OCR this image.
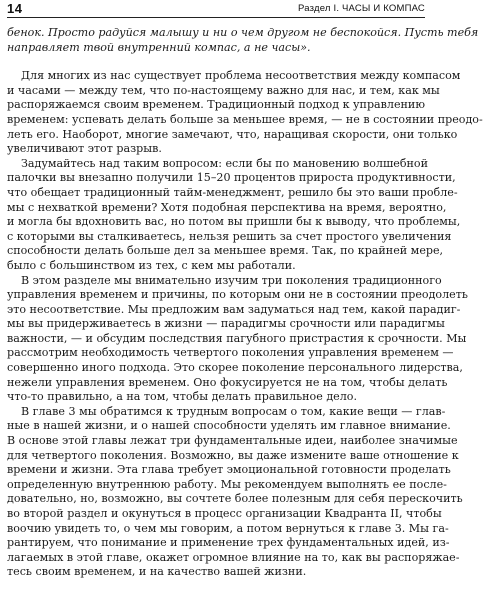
14	Раздел I. ЧАСЫ И КОМПАС
бенок. Просто радуйся малышу и ни о чем другом не беспокойся. Пусть тебя
направляет твой внутренний компас, а не часы».
Для многих из нас существует проблема несоответствия между компасом
и часами — между тем, что по-настоящему важно для нас, и тем, как мы
распоряжаемся своим временем. Традиционный подход к управлению
временем: успевать делать больше за меньшее время, — не в состоянии преодо-
леть его. Наоборот, многие замечают, что, наращивая скорости, они только
увеличивают этот разрыв.
Задумайтесь над таким вопросом: если бы по мановению волшебной
палочки вы внезапно получили 15–20 процентов прироста продуктивности,
что обещает традиционный тайм-менеджмент, решило бы это ваши пробле-
мы с нехваткой времени? Хотя подобная перспектива на время, вероятно,
и могла бы вдохновить вас, но потом вы пришли бы к выводу, что проблемы,
с которыми вы сталкиваетесь, нельзя решить за счет простого увеличения
способности делать больше дел за меньшее время. Так, по крайней мере,
было с большинством из тех, с кем мы работали.
В этом разделе мы внимательно изучим три поколения традиционного
управления временем и причины, по которым они не в состоянии преодолеть
это несоответствие. Мы предложим вам задуматься над тем, какой парадиг-
мы вы придерживаетесь в жизни — парадигмы срочности или парадигмы
важности, — и обсудим последствия пагубного пристрастия к срочности. Мы
рассмотрим необходимость четвертого поколения управления временем —
совершенно иного подхода. Это скорее поколение персонального лидерства,
нежели управления временем. Оно фокусируется не на том, чтобы делать
что-то правильно, а на том, чтобы делать правильное дело.
В главе 3 мы обратимся к трудным вопросам о том, какие вещи — глав-
ные в нашей жизни, и о нашей способности уделять им главное внимание.
В основе этой главы лежат три фундаментальные идеи, наиболее значимые
для четвертого поколения. Возможно, вы даже измените ваше отношение к
времени и жизни. Эта глава требует эмоциональной готовности проделать
определенную внутреннюю работу. Мы рекомендуем выполнять ее после-
довательно, но, возможно, вы сочтете более полезным для себя перескочить
во второй раздел и окунуться в процесс организации Квадранта II, чтобы
воочию увидеть то, о чем мы говорим, а потом вернуться к главе 3. Мы га-
рантируем, что понимание и применение трех фундаментальных идей, из-
лагаемых в этой главе, окажет огромное влияние на то, как вы распоряжае-
тесь своим временем, и на качество вашей жизни.
